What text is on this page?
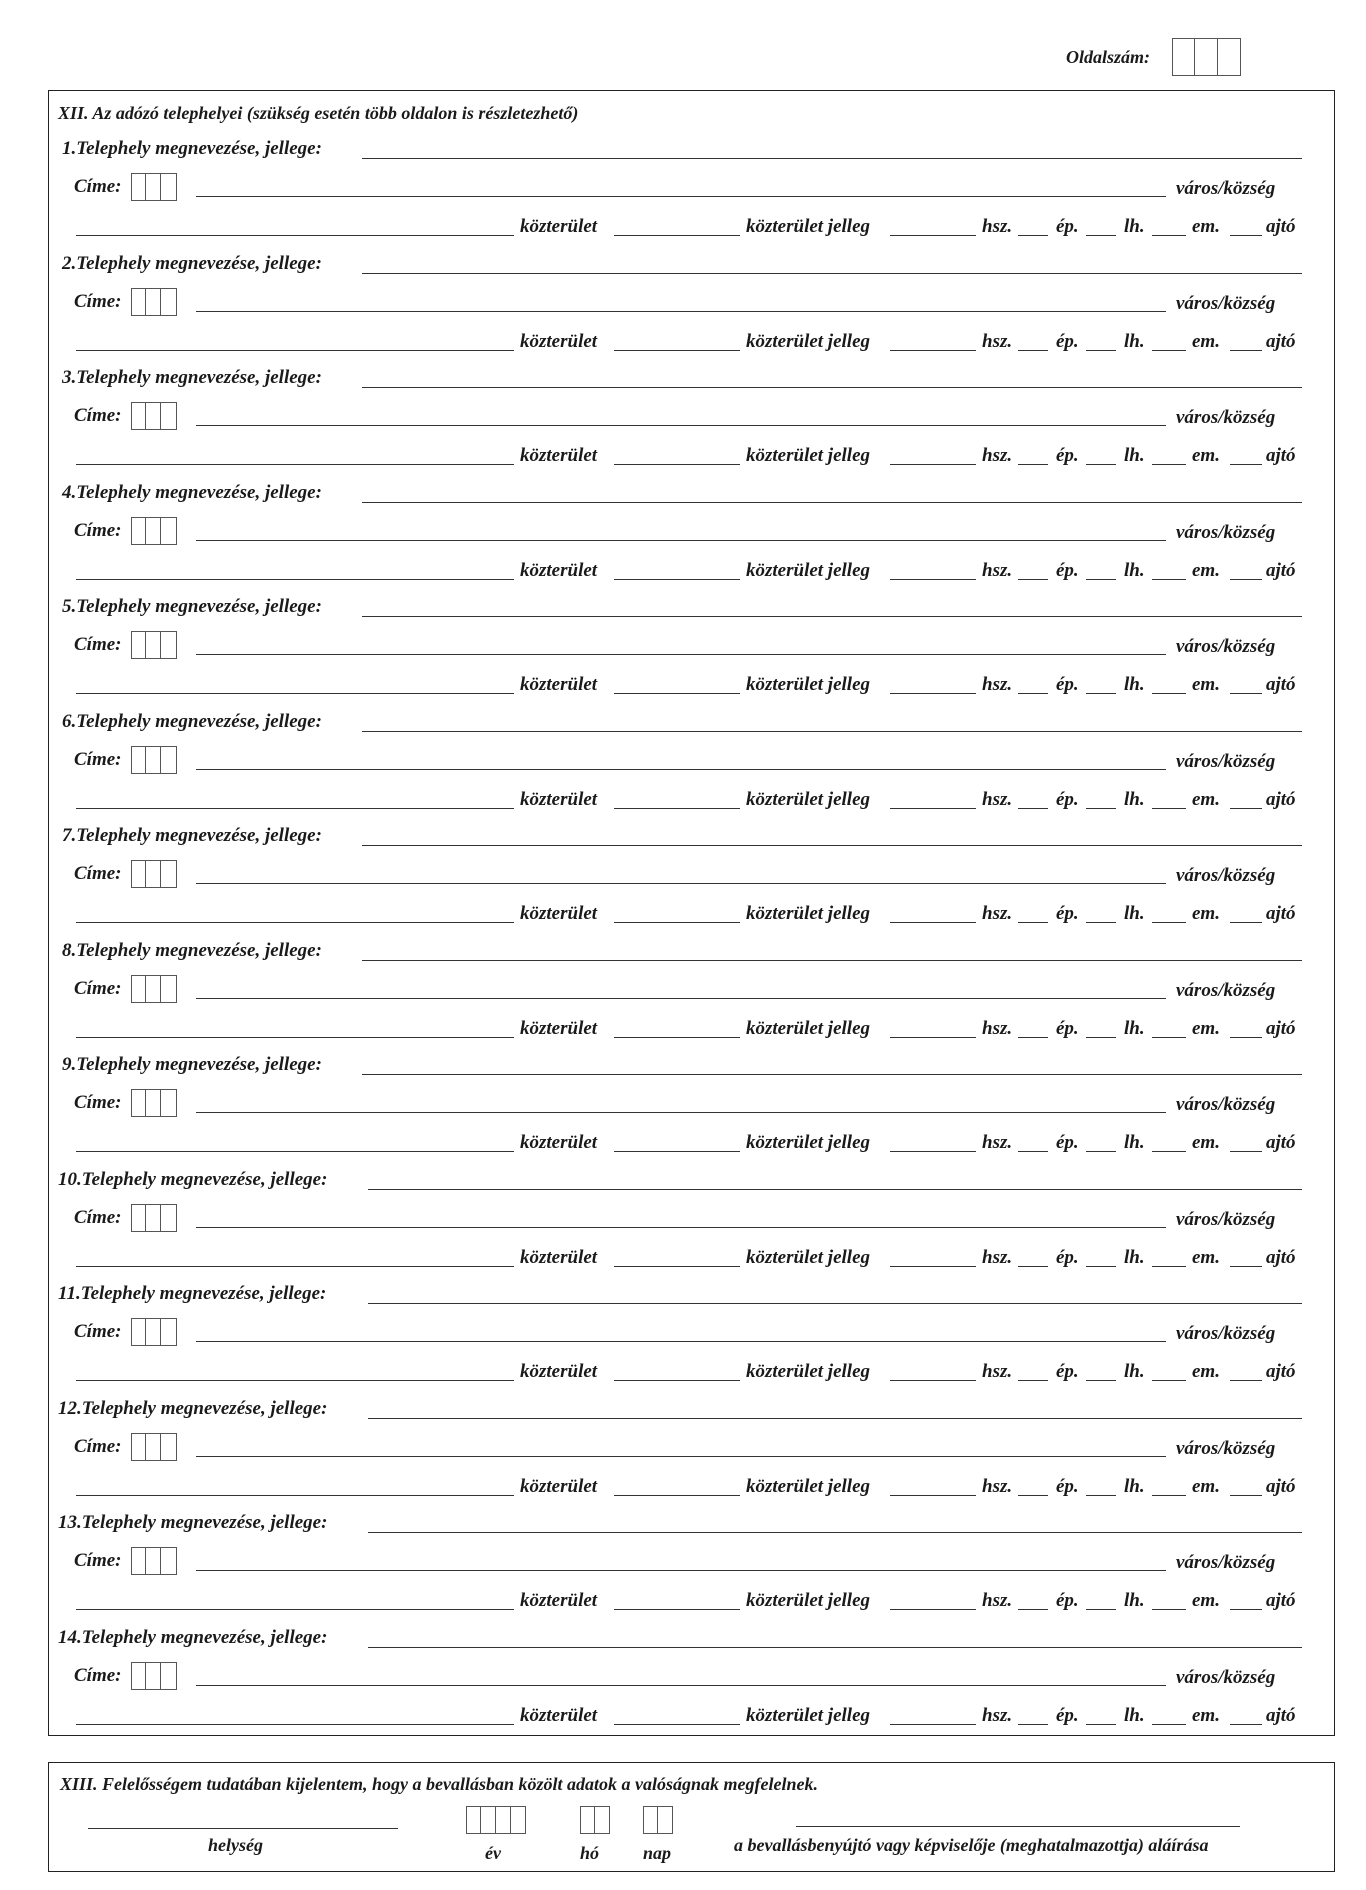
Oldalszám:
XII. Az adózó telephelyei (szükség esetén több oldalon is részletezhető)
1.Telephely megnevezése, jellege:
Címe:	város/község
közterület	közterület jelleg	hsz. ép. lh. em. ajtó
2.Telephely megnevezése, jellege:
Címe:	város/község
közterület	közterület jelleg	hsz. ép. lh. em. ajtó
3.Telephely megnevezése, jellege:
Címe:	város/község
közterület	közterület jelleg	hsz. ép. lh. em. ajtó
4.Telephely megnevezése, jellege:
Címe:	város/község
közterület	közterület jelleg	hsz. ép. lh. em. ajtó
5.Telephely megnevezése, jellege:
Címe:	város/község
közterület	közterület jelleg	hsz. ép. lh. em. ajtó
6.Telephely megnevezése, jellege:
Címe:	város/község
közterület	közterület jelleg	hsz. ép. lh. em. ajtó
7.Telephely megnevezése, jellege:
Címe:	város/község
közterület	közterület jelleg	hsz. ép. lh. em. ajtó
8.Telephely megnevezése, jellege:
Címe:	város/község
közterület	közterület jelleg	hsz. ép. lh. em. ajtó
9.Telephely megnevezése, jellege:
Címe:	város/község
közterület	közterület jelleg	hsz. ép. lh. em. ajtó
10.Telephely megnevezése, jellege:
Címe:	város/község
közterület	közterület jelleg	hsz. ép. lh. em. ajtó
11.Telephely megnevezése, jellege:
Címe:	város/község
közterület	közterület jelleg	hsz. ép. lh. em. ajtó
12.Telephely megnevezése, jellege:
Címe:	város/község
közterület	közterület jelleg	hsz. ép. lh. em. ajtó
13.Telephely megnevezése, jellege:
Címe:	város/község
közterület	közterület jelleg	hsz. ép. lh. em. ajtó
14.Telephely megnevezése, jellege:
Címe:	város/község
közterület	közterület jelleg	hsz. ép. lh. em. ajtó
XIII. Felelősségem tudatában kijelentem, hogy a bevallásban közölt adatok a valóságnak megfelelnek.
helység	év	hó nap	a bevallásbenyújtó vagy képviselője (meghatalmazottja) aláírása
